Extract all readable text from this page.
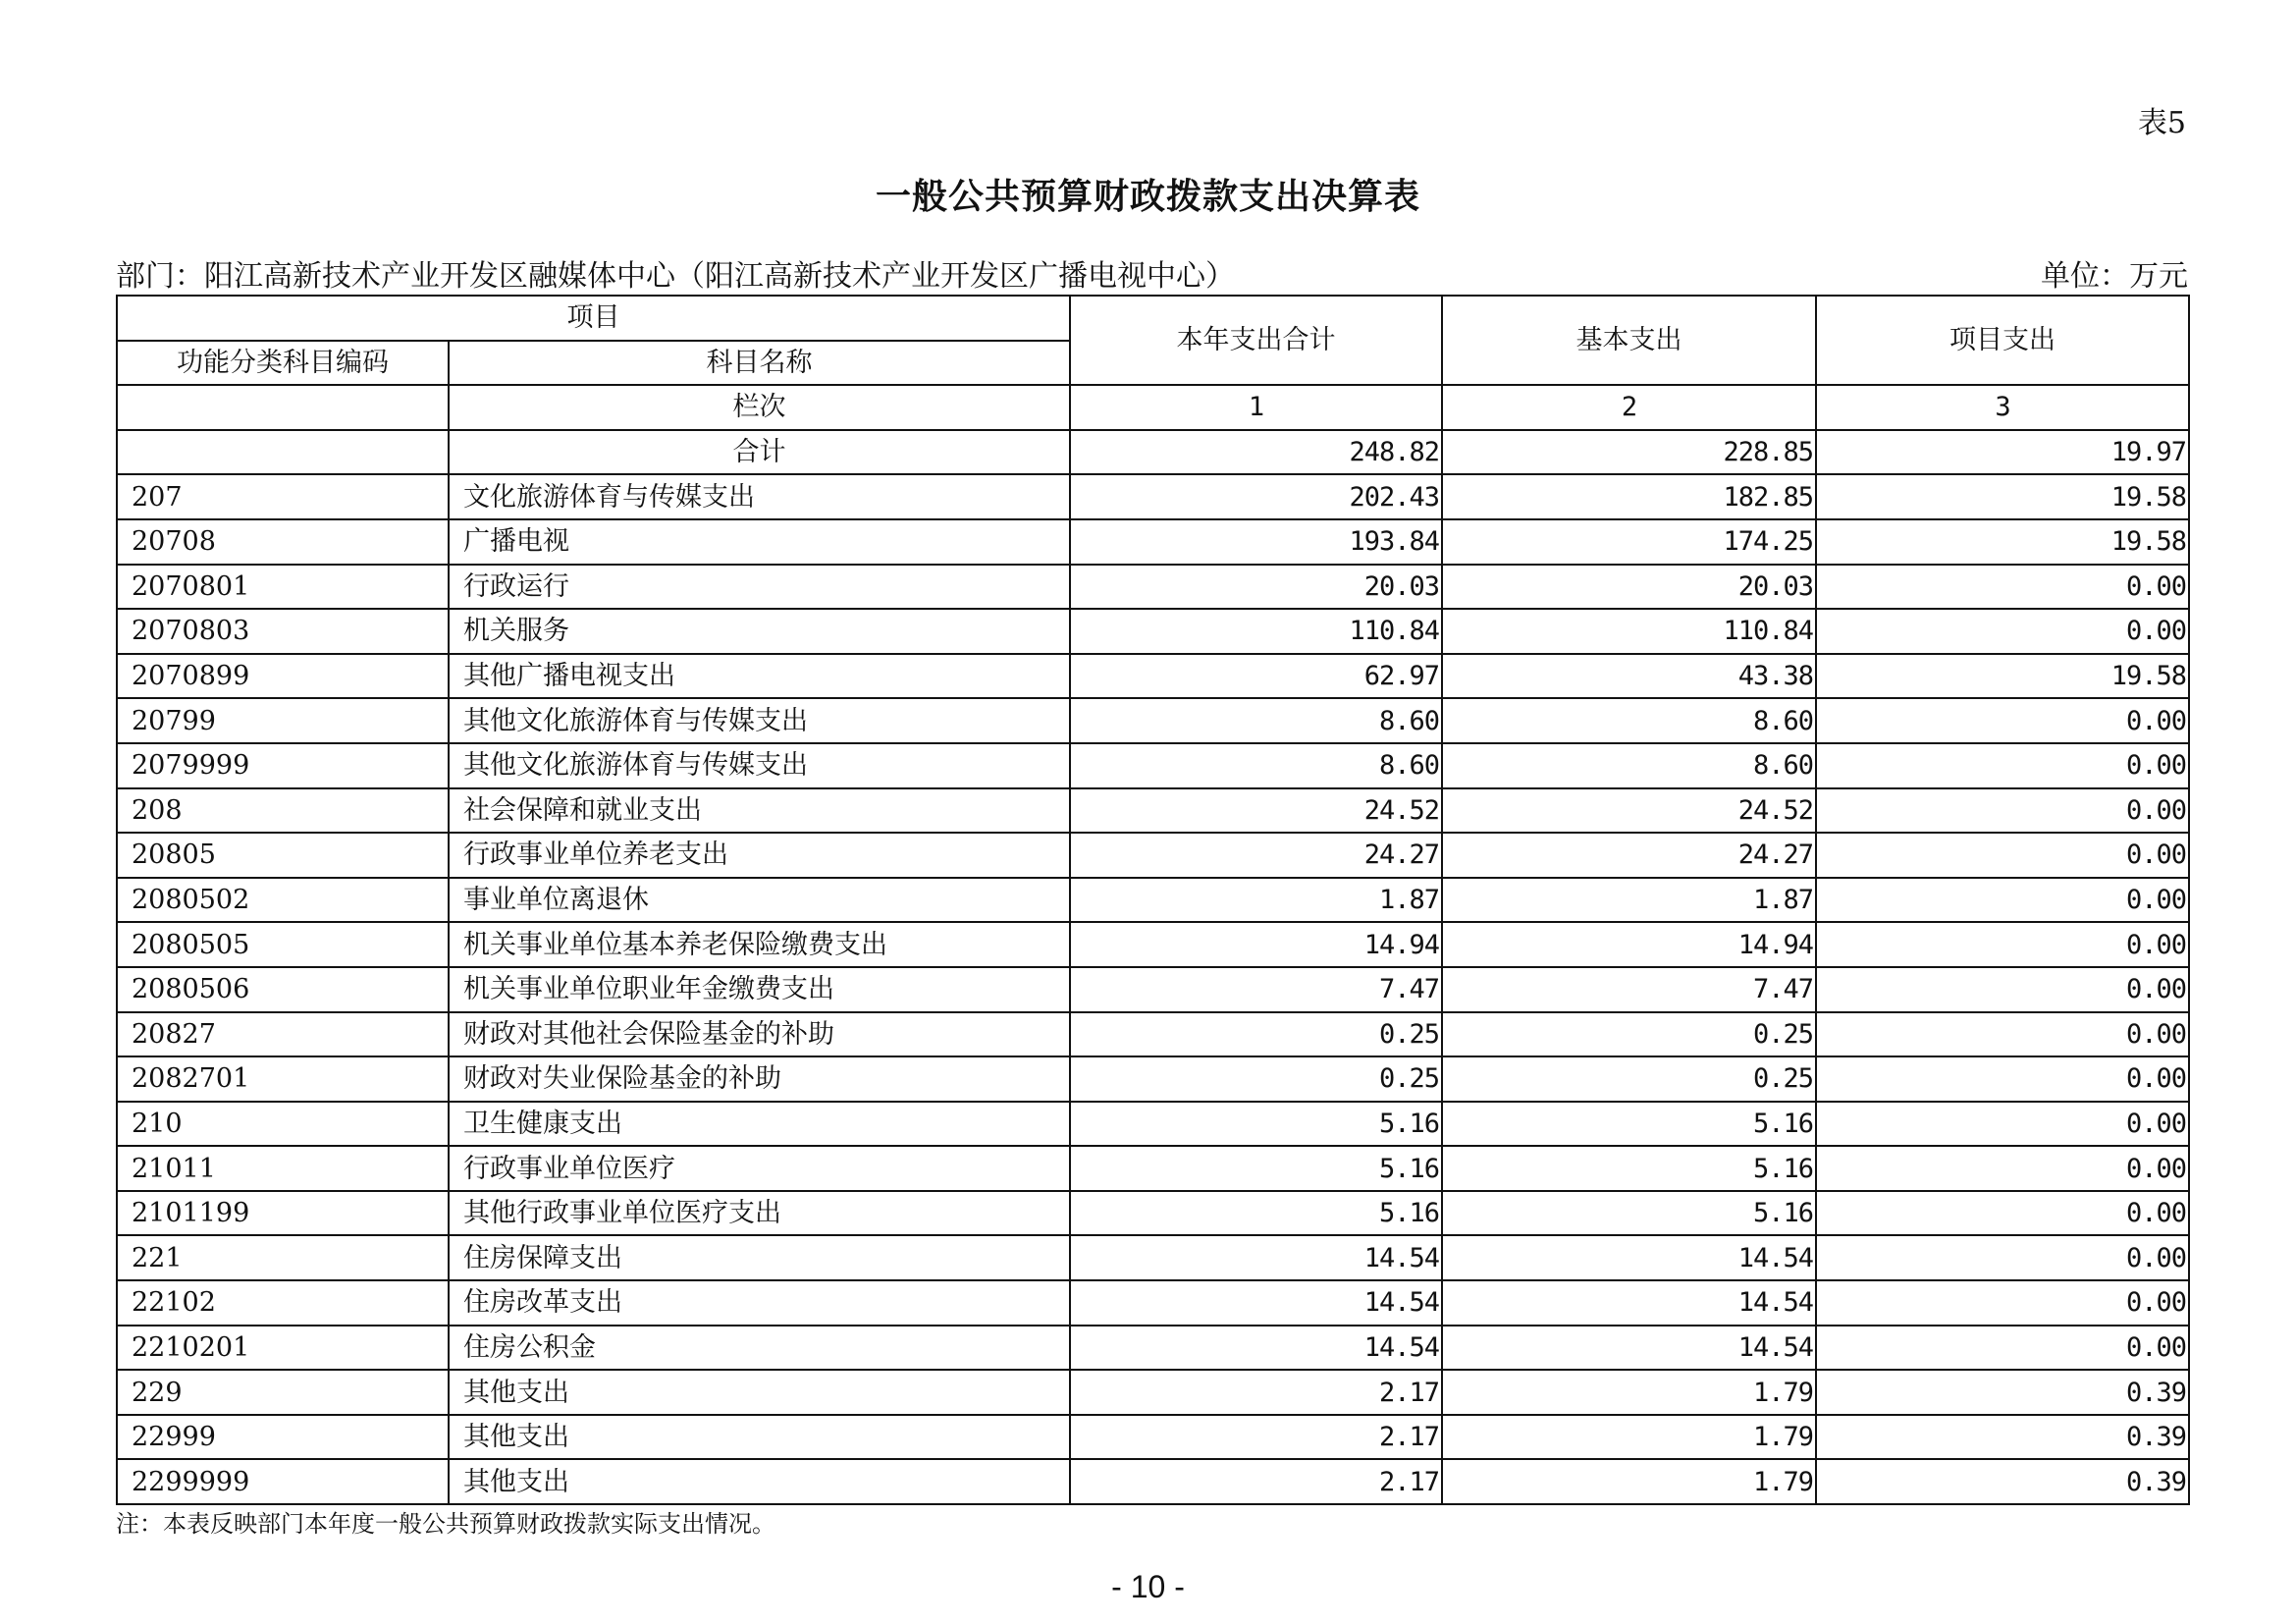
表5
一般公共预算财政拨款支出决算表
部门：阳江高新技术产业开发区融媒体中心（阳江高新技术产业开发区广播电视中心）	单位：万元
项目		本年支出合计	基本支出	项目支出
功能分类科目编码	科目名称			
	栏次	1	2	3
	合计	248.82	228.85	19.97
207	文化旅游体育与传媒支出	202.43	182.85	19.58
20708	广播电视	193.84	174.25	19.58
2070801	行政运行	20.03	20.03	0.00
2070803	机关服务	110.84	110.84	0.00
2070899	其他广播电视支出	62.97	43.38	19.58
20799	其他文化旅游体育与传媒支出	8.60	8.60	0.00
2079999	其他文化旅游体育与传媒支出	8.60	8.60	0.00
208	社会保障和就业支出	24.52	24.52	0.00
20805	行政事业单位养老支出	24.27	24.27	0.00
2080502	事业单位离退休	1.87	1.87	0.00
2080505	机关事业单位基本养老保险缴费支出	14.94	14.94	0.00
2080506	机关事业单位职业年金缴费支出	7.47	7.47	0.00
20827	财政对其他社会保险基金的补助	0.25	0.25	0.00
2082701	财政对失业保险基金的补助	0.25	0.25	0.00
210	卫生健康支出	5.16	5.16	0.00
21011	行政事业单位医疗	5.16	5.16	0.00
2101199	其他行政事业单位医疗支出	5.16	5.16	0.00
221	住房保障支出	14.54	14.54	0.00
22102	住房改革支出	14.54	14.54	0.00
2210201	住房公积金	14.54	14.54	0.00
229	其他支出	2.17	1.79	0.39
22999	其他支出	2.17	1.79	0.39
2299999	其他支出	2.17	1.79	0.39
注：本表反映部门本年度一般公共预算财政拨款实际支出情况。
- 10 -
